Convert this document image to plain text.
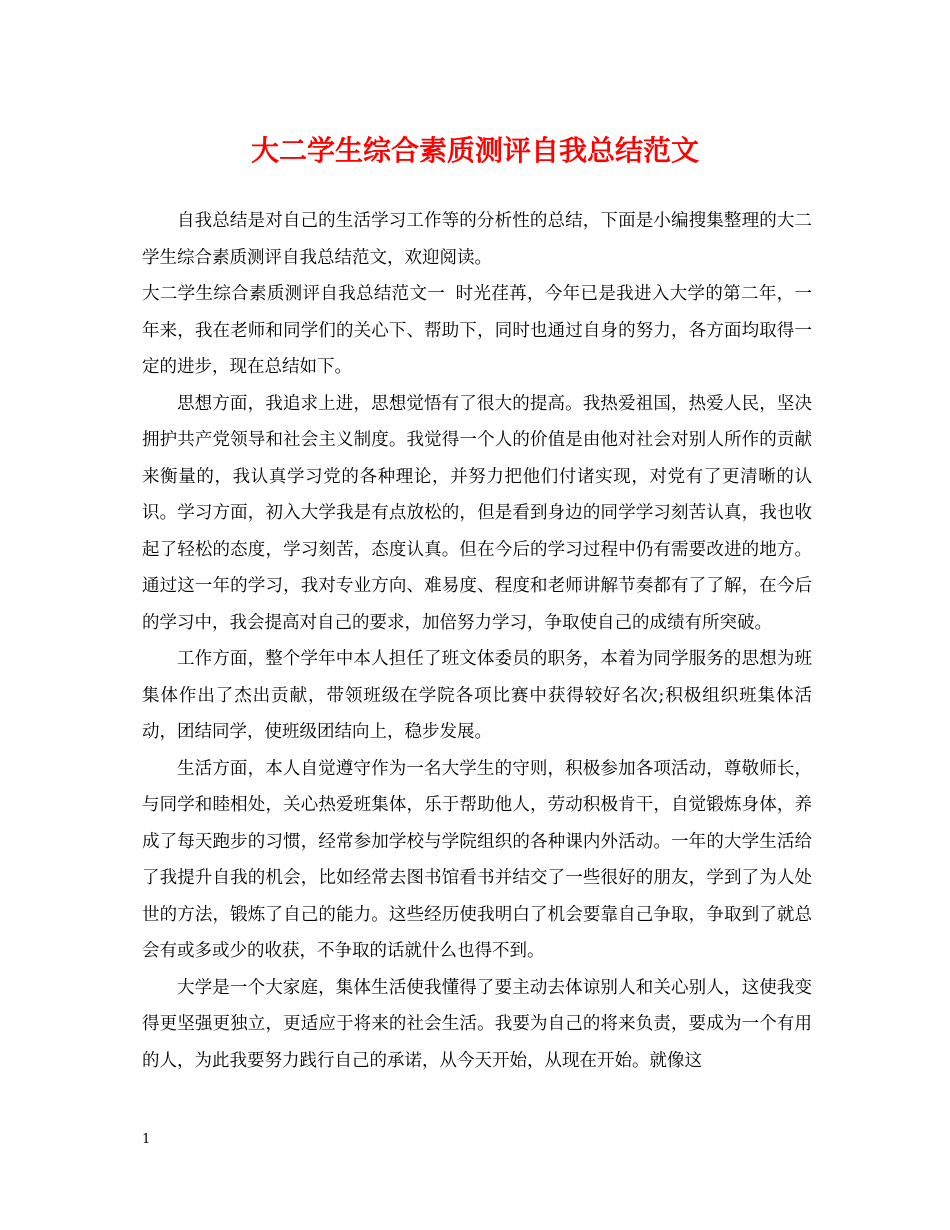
大二学生综合素质测评自我总结范文

自我总结是对自己的生活学习工作等的分析性的总结，下面是小编搜集整理的大二学生综合素质测评自我总结范文，欢迎阅读。

大二学生综合素质测评自我总结范文一 时光荏苒，今年已是我进入大学的第二年，一年来，我在老师和同学们的关心下、帮助下，同时也通过自身的努力，各方面均取得一定的进步，现在总结如下。

思想方面，我追求上进，思想觉悟有了很大的提高。我热爱祖国，热爱人民，坚决拥护共产党领导和社会主义制度。我觉得一个人的价值是由他对社会对别人所作的贡献来衡量的，我认真学习党的各种理论，并努力把他们付诸实现，对党有了更清晰的认识。学习方面，初入大学我是有点放松的，但是看到身边的同学学习刻苦认真，我也收起了轻松的态度，学习刻苦，态度认真。但在今后的学习过程中仍有需要改进的地方。通过这一年的学习，我对专业方向、难易度、程度和老师讲解节奏都有了了解，在今后的学习中，我会提高对自己的要求，加倍努力学习，争取使自己的成绩有所突破。

工作方面，整个学年中本人担任了班文体委员的职务，本着为同学服务的思想为班集体作出了杰出贡献，带领班级在学院各项比赛中获得较好名次;积极组织班集体活动，团结同学，使班级团结向上，稳步发展。

生活方面，本人自觉遵守作为一名大学生的守则，积极参加各项活动，尊敬师长，与同学和睦相处，关心热爱班集体，乐于帮助他人，劳动积极肯干，自觉锻炼身体，养成了每天跑步的习惯，经常参加学校与学院组织的各种课内外活动。一年的大学生活给了我提升自我的机会，比如经常去图书馆看书并结交了一些很好的朋友，学到了为人处世的方法，锻炼了自己的能力。这些经历使我明白了机会要靠自己争取，争取到了就总会有或多或少的收获，不争取的话就什么也得不到。

大学是一个大家庭，集体生活使我懂得了要主动去体谅别人和关心别人，这使我变得更坚强更独立，更适应于将来的社会生活。我要为自己的将来负责，要成为一个有用的人，为此我要努力践行自己的承诺，从今天开始，从现在开始。就像这

1
